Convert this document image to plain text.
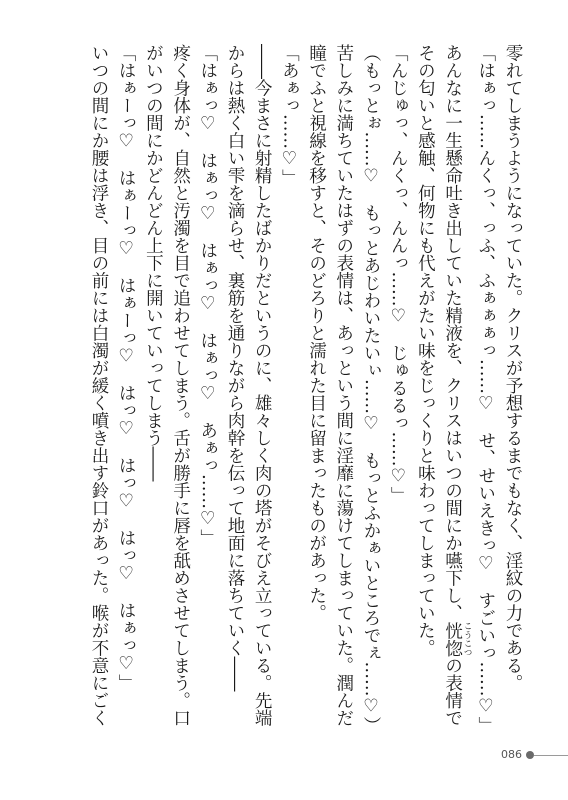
零れてしまうようになっていた。クリスが予想するまでもなく、淫紋の力である。

「はぁっ……んくっ、っふ、ふぁぁぁっ……♡　せ、せいえきっ♡　すごいっ……♡」

あんなに一生懸命吐き出していた精液を、クリスはいつの間にか嚥下し、恍惚 こうこつの表情で

その匂いと感触、何物にも代えがたい味をじっくりと味わってしまっていた。

「んじゅっ、んくっ、んんっ……♡　じゅるるっ……♡」

（もっとぉ……♡　もっとあじわいたいぃ……♡　もっとふかぁいところでぇ……♡）

苦しみに満ちていたはずの表情は、あっという間に淫靡に蕩けてしまっていた。潤んだ

瞳でふと視線を移すと、そのどろりと濡れた目に留まったものがあった。

「あぁっ……♡」

――今まさに射精したばかりだというのに、雄々しく肉の塔がそびえ立っている。先端

からは熱く白い雫を滴らせ、裏筋を通りながら肉幹を伝って地面に落ちていく――

「はぁっ♡　はぁっ♡　はぁっ♡　はぁっ♡　あぁっ……♡」

疼く身体が、自然と汚濁を目で追わせてしまう。舌が勝手に唇を舐めさせてしまう。口

がいつの間にかどんどん上下に開いていってしまう――

「はぁーっ♡　はぁーっ♡　はぁーっ♡　はっ♡　はっ♡　はっ♡　はぁっ♡」

いつの間にか腰は浮き、目の前には白濁が緩く噴き出す鈴口があった。喉が不意にごく

086
